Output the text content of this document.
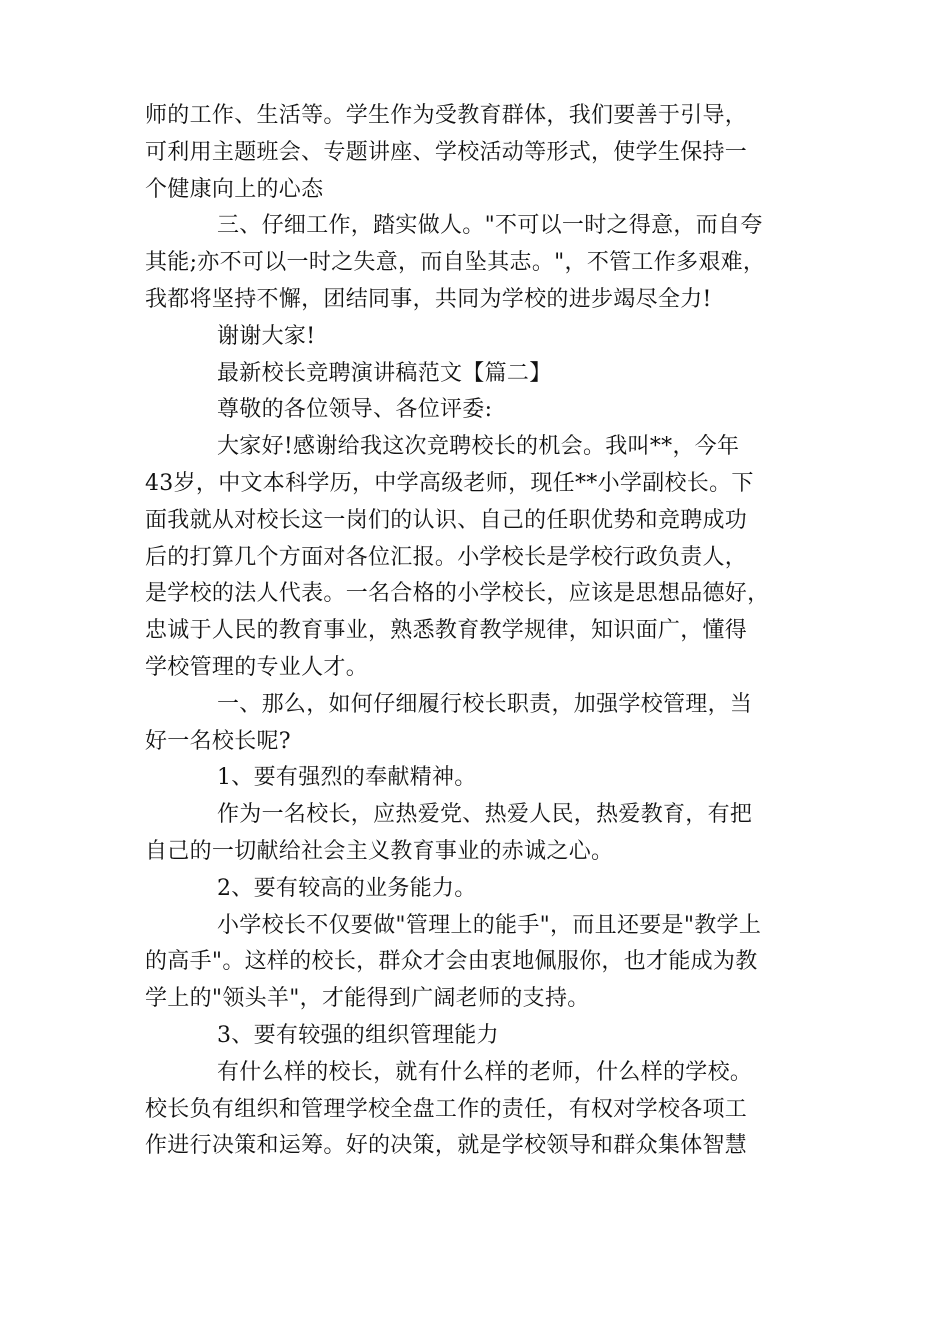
师的工作、生活等。学生作为受教育群体，我们要善于引导，
可利用主题班会、专题讲座、学校活动等形式，使学生保持一
个健康向上的心态
三、仔细工作，踏实做人。"不可以一时之得意，而自夸
其能;亦不可以一时之失意，而自坠其志。"，不管工作多艰难，
我都将坚持不懈，团结同事，共同为学校的进步竭尽全力!
谢谢大家!
最新校长竞聘演讲稿范文【篇二】
尊敬的各位领导、各位评委:
大家好!感谢给我这次竞聘校长的机会。我叫**，今年
43岁，中文本科学历，中学高级老师，现任**小学副校长。下
面我就从对校长这一岗们的认识、自己的任职优势和竞聘成功
后的打算几个方面对各位汇报。小学校长是学校行政负责人，
是学校的法人代表。一名合格的小学校长，应该是思想品德好，
忠诚于人民的教育事业，熟悉教育教学规律，知识面广，懂得
学校管理的专业人才。
一、那么，如何仔细履行校长职责，加强学校管理，当
好一名校长呢?
1、要有强烈的奉献精神。
作为一名校长，应热爱党、热爱人民，热爱教育，有把
自己的一切献给社会主义教育事业的赤诚之心。
2、要有较高的业务能力。
小学校长不仅要做"管理上的能手"，而且还要是"教学上
的高手"。这样的校长，群众才会由衷地佩服你，也才能成为教
学上的"领头羊"，才能得到广阔老师的支持。
3、要有较强的组织管理能力
有什么样的校长，就有什么样的老师，什么样的学校。
校长负有组织和管理学校全盘工作的责任，有权对学校各项工
作进行决策和运筹。好的决策，就是学校领导和群众集体智慧
